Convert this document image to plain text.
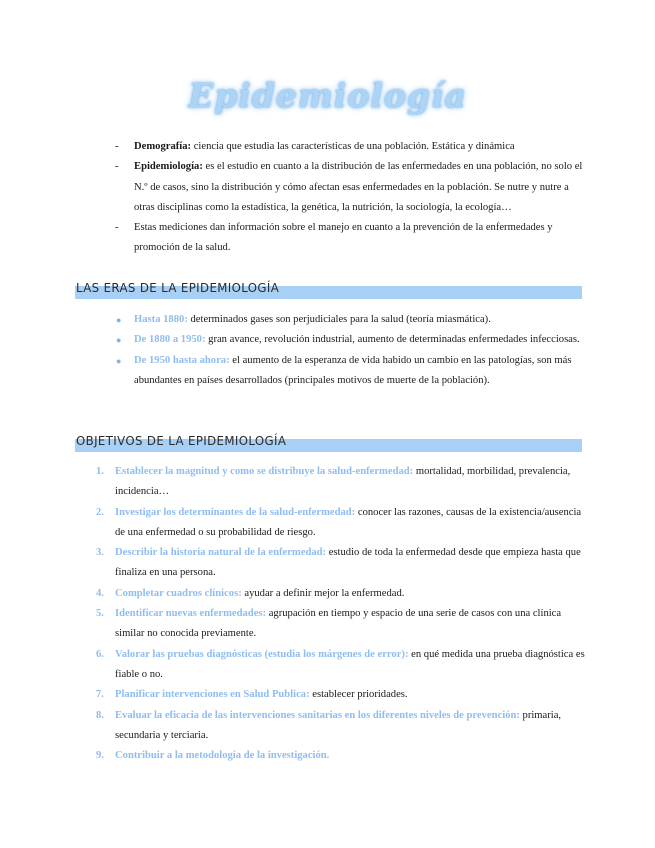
Epidemiología
- Demografía: ciencia que estudia las características de una población. Estática y dinámica
- Epidemiología: es el estudio en cuanto a la distribución de las enfermedades en una población, no solo el N.º de casos, sino la distribución y cómo afectan esas enfermedades en la población. Se nutre y nutre a otras disciplinas como la estadística, la genética, la nutrición, la sociología, la ecología…
- Estas mediciones dan información sobre el manejo en cuanto a la prevención de la enfermedades y promoción de la salud.
LAS ERAS DE LA EPIDEMIOLOGÍA
● Hasta 1880: determinados gases son perjudiciales para la salud (teoría miasmática).
● De 1880 a 1950: gran avance, revolución industrial, aumento de determinadas enfermedades infecciosas.
● De 1950 hasta ahora: el aumento de la esperanza de vida habido un cambio en las patologías, son más abundantes en países desarrollados (principales motivos de muerte de la población).
OBJETIVOS DE LA EPIDEMIOLOGÍA
1. Establecer la magnitud y como se distribuye la salud-enfermedad: mortalidad, morbilidad, prevalencia, incidencia…
2. Investigar los determinantes de la salud-enfermedad: conocer las razones, causas de la existencia/ausencia de una enfermedad o su probabilidad de riesgo.
3. Describir la historia natural de la enfermedad: estudio de toda la enfermedad desde que empieza hasta que finaliza en una persona.
4. Completar cuadros clínicos: ayudar a definir mejor la enfermedad.
5. Identificar nuevas enfermedades: agrupación en tiempo y espacio de una serie de casos con una clínica similar no conocida previamente.
6. Valorar las pruebas diagnósticas (estudia los márgenes de error): en qué medida una prueba diagnóstica es fiable o no.
7. Planificar intervenciones en Salud Publica: establecer prioridades.
8. Evaluar la eficacia de las intervenciones sanitarias en los diferentes niveles de prevención: primaria, secundaria y terciaria.
9. Contribuir a la metodología de la investigación.
